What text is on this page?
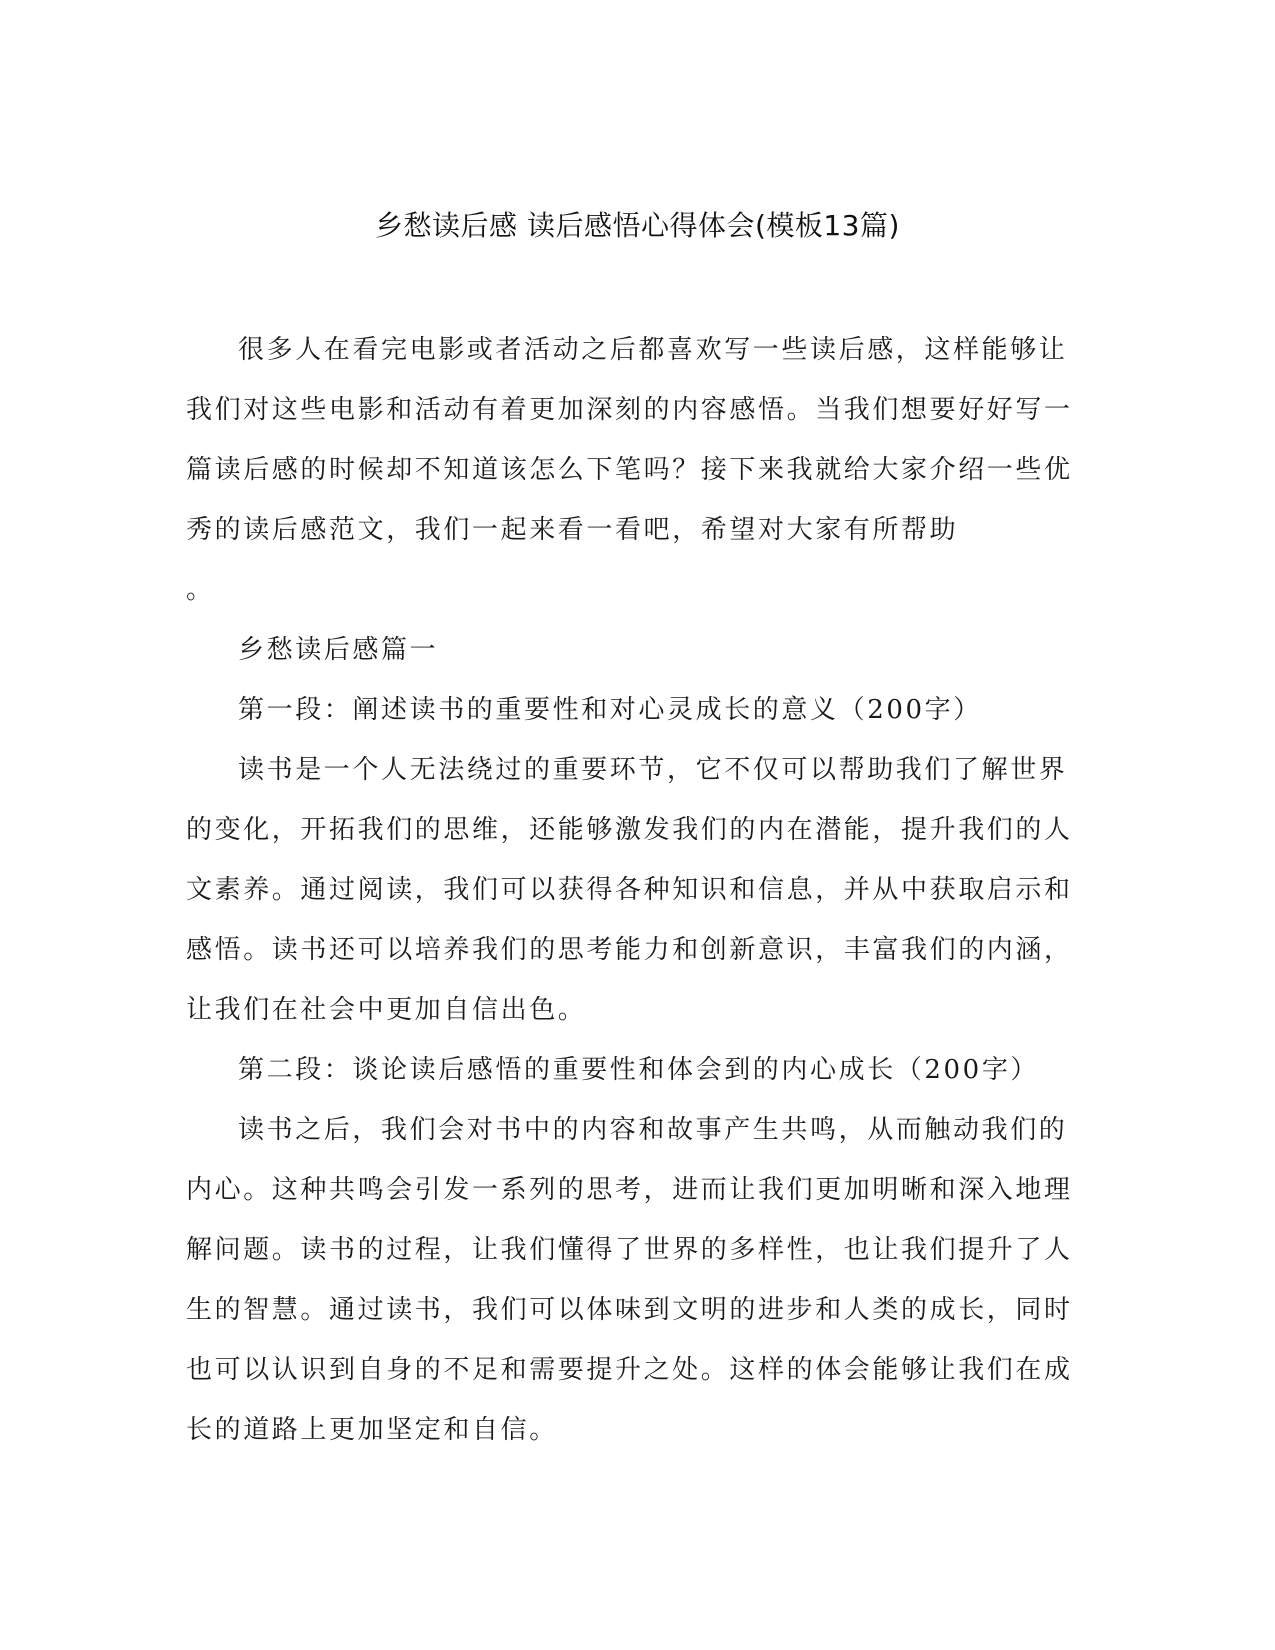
乡愁读后感 读后感悟心得体会(模板13篇)

很多人在看完电影或者活动之后都喜欢写一些读后感，这样能够让我们对这些电影和活动有着更加深刻的内容感悟。当我们想要好好写一篇读后感的时候却不知道该怎么下笔吗？接下来我就给大家介绍一些优秀的读后感范文，我们一起来看一看吧，希望对大家有所帮助

。

乡愁读后感篇一

第一段：阐述读书的重要性和对心灵成长的意义（200字）

读书是一个人无法绕过的重要环节，它不仅可以帮助我们了解世界的变化，开拓我们的思维，还能够激发我们的内在潜能，提升我们的人文素养。通过阅读，我们可以获得各种知识和信息，并从中获取启示和感悟。读书还可以培养我们的思考能力和创新意识，丰富我们的内涵，让我们在社会中更加自信出色。

第二段：谈论读后感悟的重要性和体会到的内心成长（200字）

读书之后，我们会对书中的内容和故事产生共鸣，从而触动我们的内心。这种共鸣会引发一系列的思考，进而让我们更加明晰和深入地理解问题。读书的过程，让我们懂得了世界的多样性，也让我们提升了人生的智慧。通过读书，我们可以体味到文明的进步和人类的成长，同时也可以认识到自身的不足和需要提升之处。这样的体会能够让我们在成长的道路上更加坚定和自信。
